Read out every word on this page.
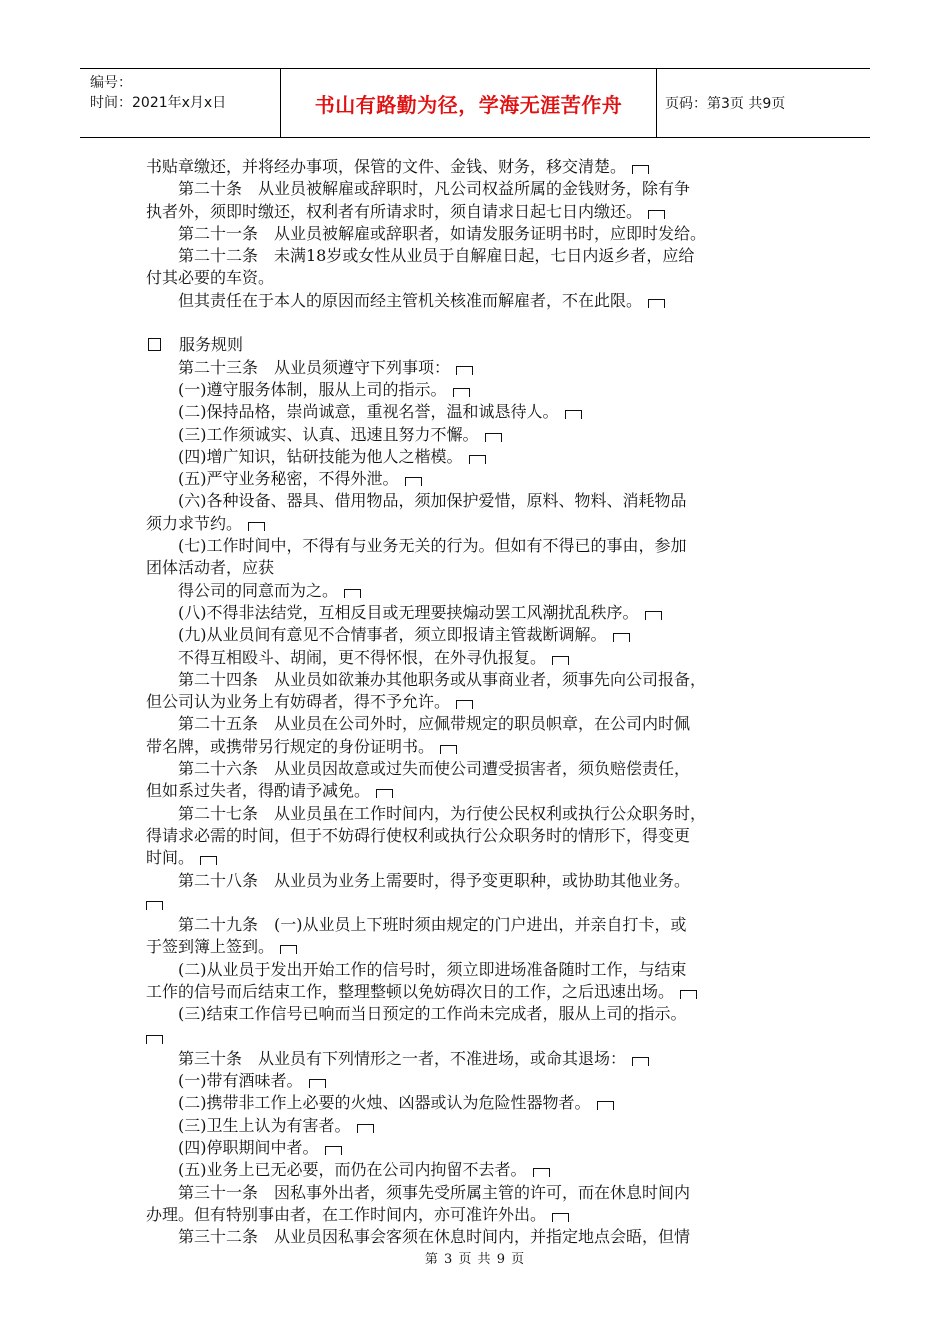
编号：
时间：2021年x月x日	书山有路勤为径，学海无涯苦作舟	页码：第3页 共9页
书贴章缴还，并将经办事项，保管的文件、金钱、财务，移交清楚。
第二十条　从业员被解雇或辞职时，凡公司权益所属的金钱财务，除有争
执者外，须即时缴还，权利者有所请求时，须自请求日起七日内缴还。
第二十一条　从业员被解雇或辞职者，如请发服务证明书时，应即时发给。
第二十二条　未满18岁或女性从业员于自解雇日起，七日内返乡者，应给
付其必要的车资。
但其责任在于本人的原因而经主管机关核准而解雇者，不在此限。
服务规则
第二十三条　从业员须遵守下列事项：
(一)遵守服务体制，服从上司的指示。
(二)保持品格，崇尚诚意，重视名誉，温和诚恳待人。
(三)工作须诚实、认真、迅速且努力不懈。
(四)增广知识，钻研技能为他人之楷模。
(五)严守业务秘密，不得外泄。
(六)各种设备、器具、借用物品，须加保护爱惜，原料、物料、消耗物品
须力求节约。
(七)工作时间中，不得有与业务无关的行为。但如有不得已的事由，参加
团体活动者，应获
得公司的同意而为之。
(八)不得非法结党，互相反目或无理要挟煽动罢工风潮扰乱秩序。
(九)从业员间有意见不合情事者，须立即报请主管裁断调解。
不得互相殴斗、胡闹，更不得怀恨，在外寻仇报复。
第二十四条　从业员如欲兼办其他职务或从事商业者，须事先向公司报备，
但公司认为业务上有妨碍者，得不予允许。
第二十五条　从业员在公司外时，应佩带规定的职员帜章，在公司内时佩
带名牌，或携带另行规定的身份证明书。
第二十六条　从业员因故意或过失而使公司遭受损害者，须负赔偿责任，
但如系过失者，得酌请予减免。
第二十七条　从业员虽在工作时间内，为行使公民权利或执行公众职务时，
得请求必需的时间，但于不妨碍行使权利或执行公众职务时的情形下，得变更
时间。
第二十八条　从业员为业务上需要时，得予变更职种，或协助其他业务。
第二十九条　(一)从业员上下班时须由规定的门户进出，并亲自打卡，或
于签到簿上签到。
(二)从业员于发出开始工作的信号时，须立即进场准备随时工作，与结束
工作的信号而后结束工作，整理整顿以免妨碍次日的工作，之后迅速出场。
(三)结束工作信号已响而当日预定的工作尚未完成者，服从上司的指示。
第三十条　从业员有下列情形之一者，不准进场，或命其退场：
(一)带有酒味者。
(二)携带非工作上必要的火烛、凶器或认为危险性器物者。
(三)卫生上认为有害者。
(四)停职期间中者。
(五)业务上已无必要，而仍在公司内拘留不去者。
第三十一条　因私事外出者，须事先受所属主管的许可，而在休息时间内
办理。但有特别事由者，在工作时间内，亦可准许外出。
第三十二条　从业员因私事会客须在休息时间内，并指定地点会晤，但情
第 3 页 共 9 页
